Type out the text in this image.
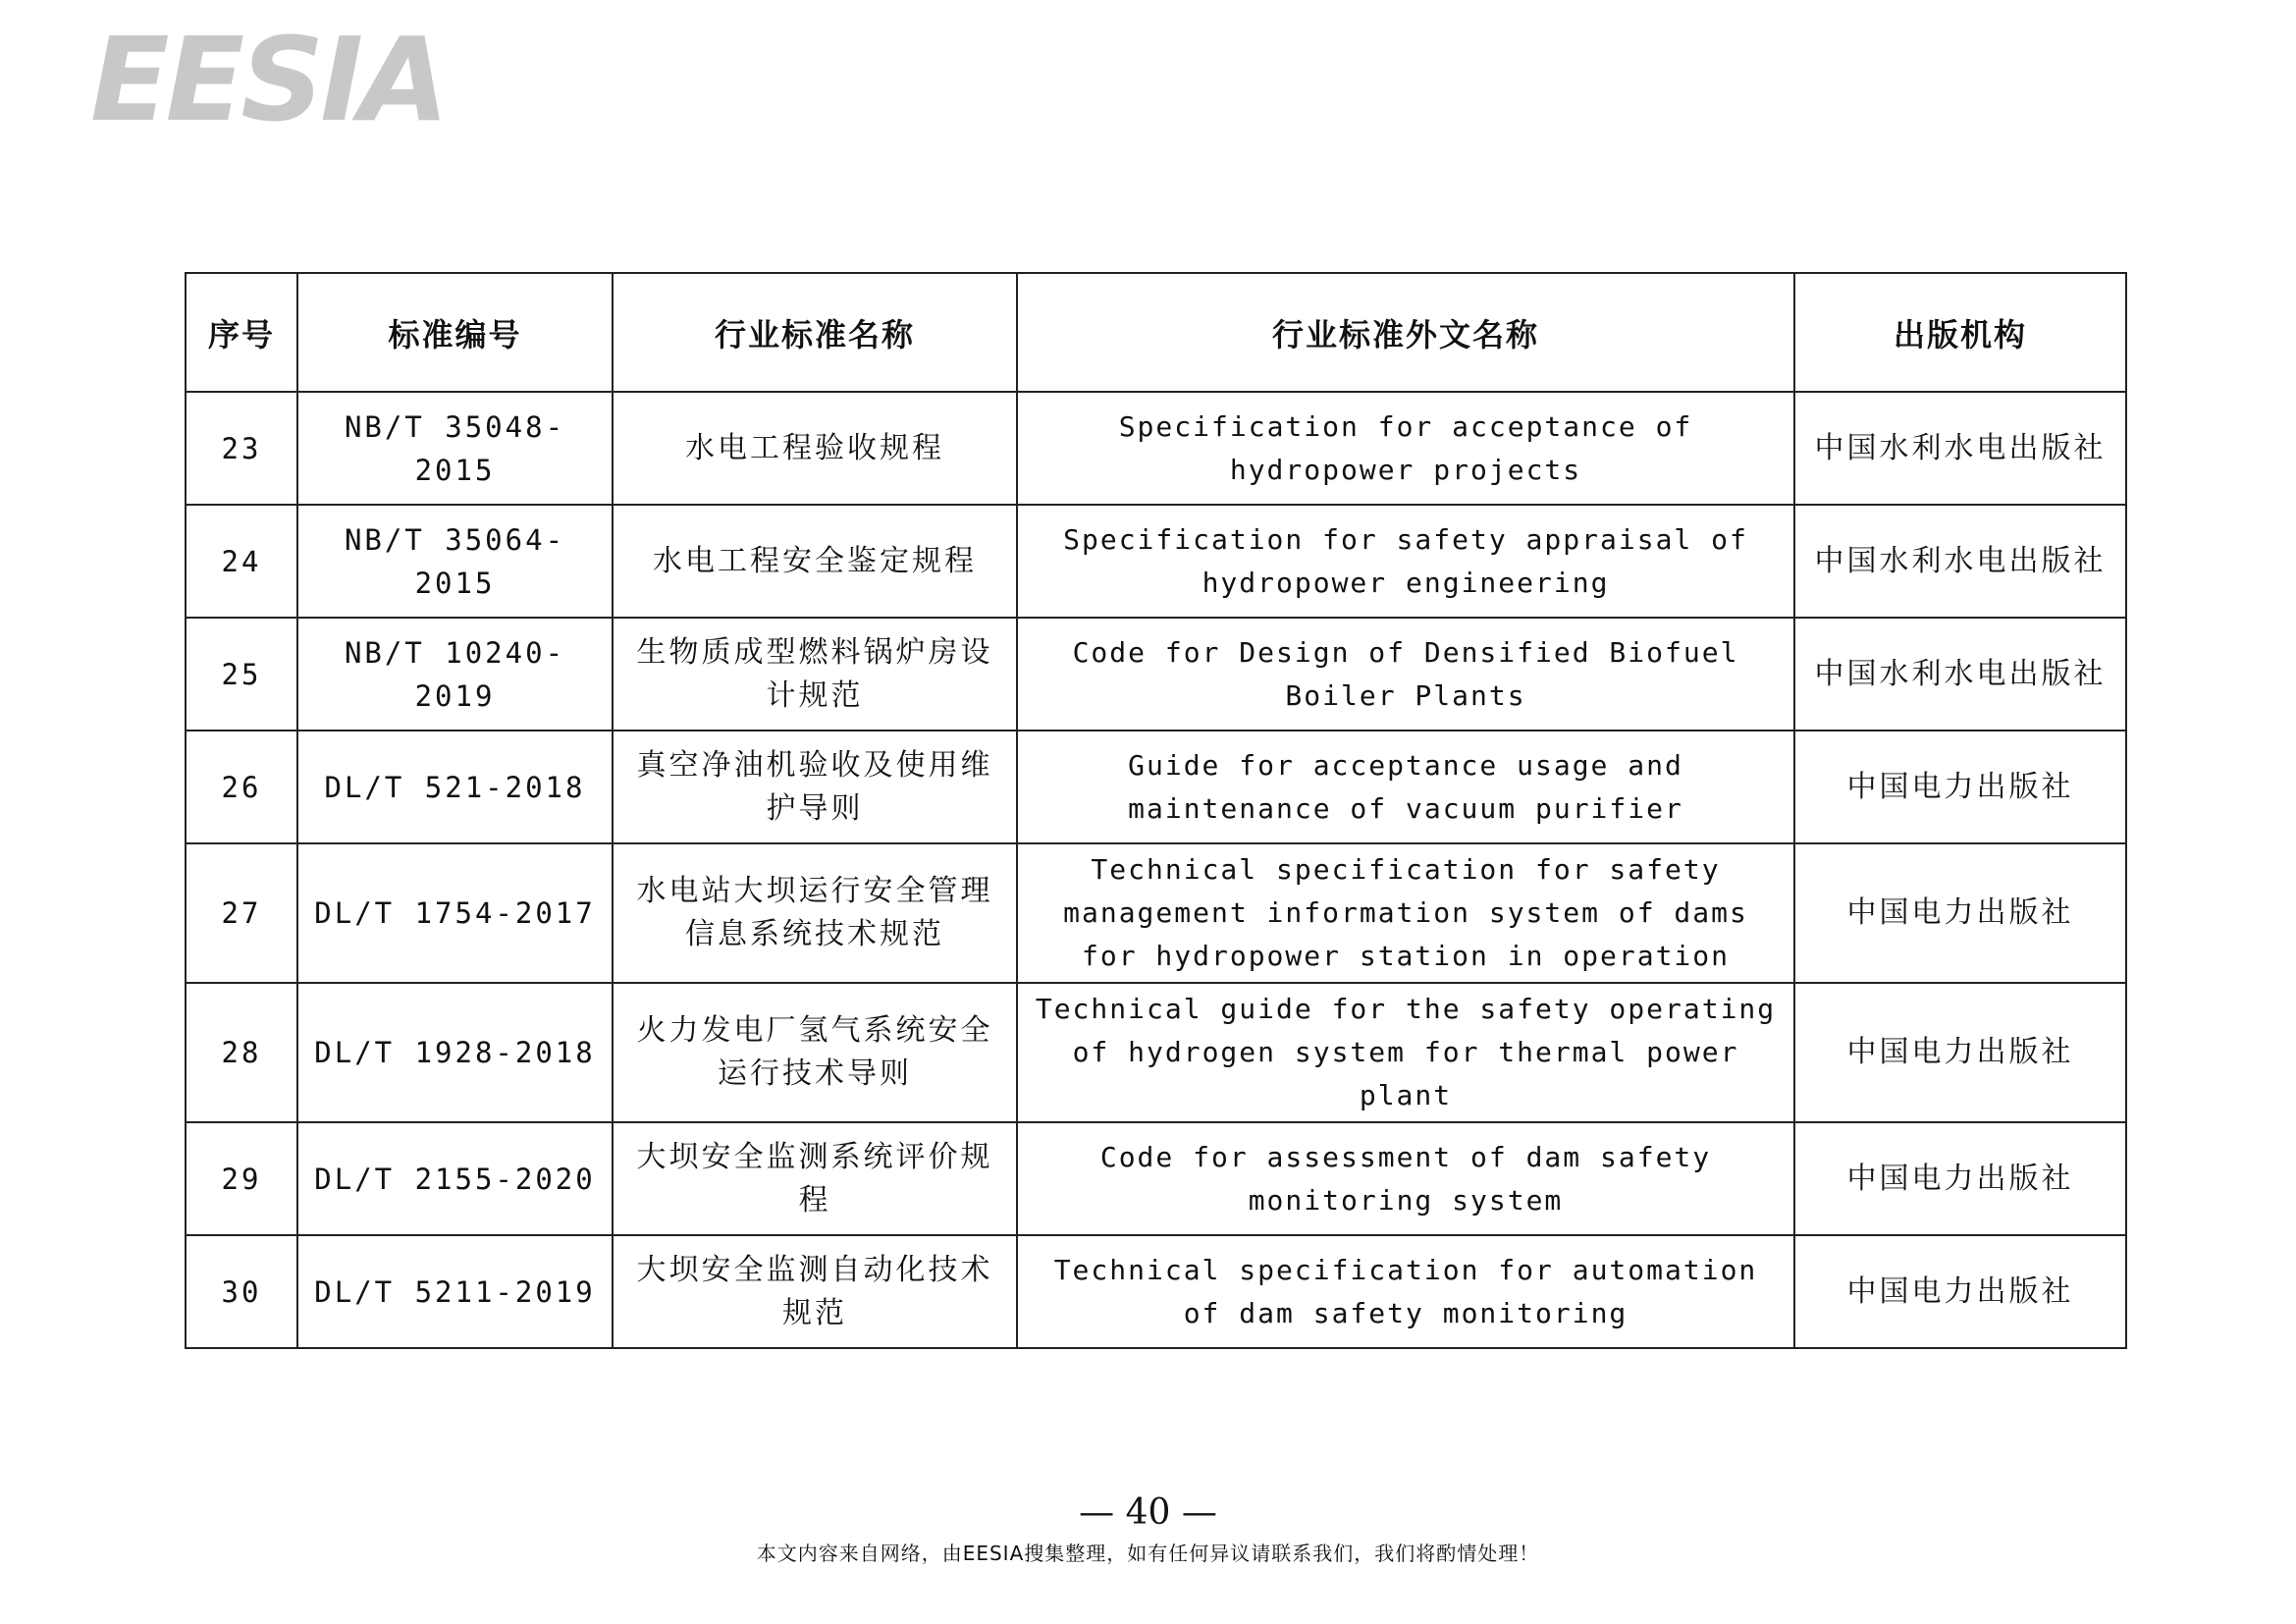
EESIA
序号	标准编号	行业标准名称	行业标准外文名称	出版机构
23	NB/T 35048-2015	水电工程验收规程	Specification for acceptance of hydropower projects	中国水利水电出版社
24	NB/T 35064-2015	水电工程安全鉴定规程	Specification for safety appraisal of hydropower engineering	中国水利水电出版社
25	NB/T 10240-2019	生物质成型燃料锅炉房设计规范	Code for Design of Densified Biofuel Boiler Plants	中国水利水电出版社
26	DL/T 521-2018	真空净油机验收及使用维护导则	Guide for acceptance usage and maintenance of vacuum purifier	中国电力出版社
27	DL/T 1754-2017	水电站大坝运行安全管理信息系统技术规范	Technical specification for safety management information system of dams for hydropower station in operation	中国电力出版社
28	DL/T 1928-2018	火力发电厂氢气系统安全运行技术导则	Technical guide for the safety operating of hydrogen system for thermal power plant	中国电力出版社
29	DL/T 2155-2020	大坝安全监测系统评价规程	Code for assessment of dam safety monitoring system	中国电力出版社
30	DL/T 5211-2019	大坝安全监测自动化技术规范	Technical specification for automation of dam safety monitoring	中国电力出版社
— 40 —
本文内容来自网络，由EESIA搜集整理，如有任何异议请联系我们，我们将酌情处理！
